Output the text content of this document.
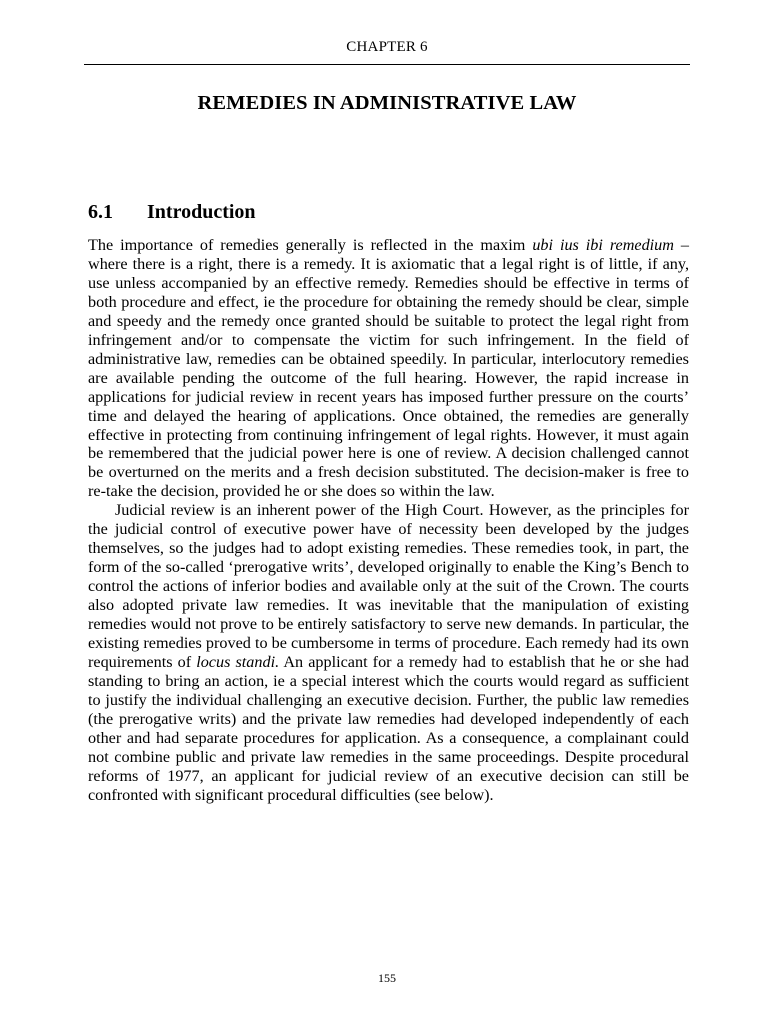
CHAPTER 6
REMEDIES IN ADMINISTRATIVE LAW
6.1 Introduction

The importance of remedies generally is reflected in the maxim ubi ius ibi remedium – where there is a right, there is a remedy. It is axiomatic that a legal right is of little, if any, use unless accompanied by an effective remedy. Remedies should be effective in terms of both procedure and effect, ie the procedure for obtaining the remedy should be clear, simple and speedy and the remedy once granted should be suitable to protect the legal right from infringement and/or to compensate the victim for such infringement. In the field of administrative law, remedies can be obtained speedily. In particular, interlocutory remedies are available pending the outcome of the full hearing. However, the rapid increase in applications for judicial review in recent years has imposed further pressure on the courts’ time and delayed the hearing of applications. Once obtained, the remedies are generally effective in protecting from continuing infringement of legal rights. However, it must again be remembered that the judicial power here is one of review. A decision challenged cannot be overturned on the merits and a fresh decision substituted. The decision-maker is free to re-take the decision, provided he or she does so within the law.

Judicial review is an inherent power of the High Court. However, as the principles for the judicial control of executive power have of necessity been developed by the judges themselves, so the judges had to adopt existing remedies. These remedies took, in part, the form of the so-called ‘prerogative writs’, developed originally to enable the King’s Bench to control the actions of inferior bodies and available only at the suit of the Crown. The courts also adopted private law remedies. It was inevitable that the manipulation of existing remedies would not prove to be entirely satisfactory to serve new demands. In particular, the existing remedies proved to be cumbersome in terms of procedure. Each remedy had its own requirements of locus standi. An applicant for a remedy had to establish that he or she had standing to bring an action, ie a special interest which the courts would regard as sufficient to justify the individual challenging an executive decision. Further, the public law remedies (the prerogative writs) and the private law remedies had developed independently of each other and had separate procedures for application. As a consequence, a complainant could not combine public and private law remedies in the same proceedings. Despite procedural reforms of 1977, an applicant for judicial review of an executive decision can still be confronted with significant procedural difficulties (see below).

155
